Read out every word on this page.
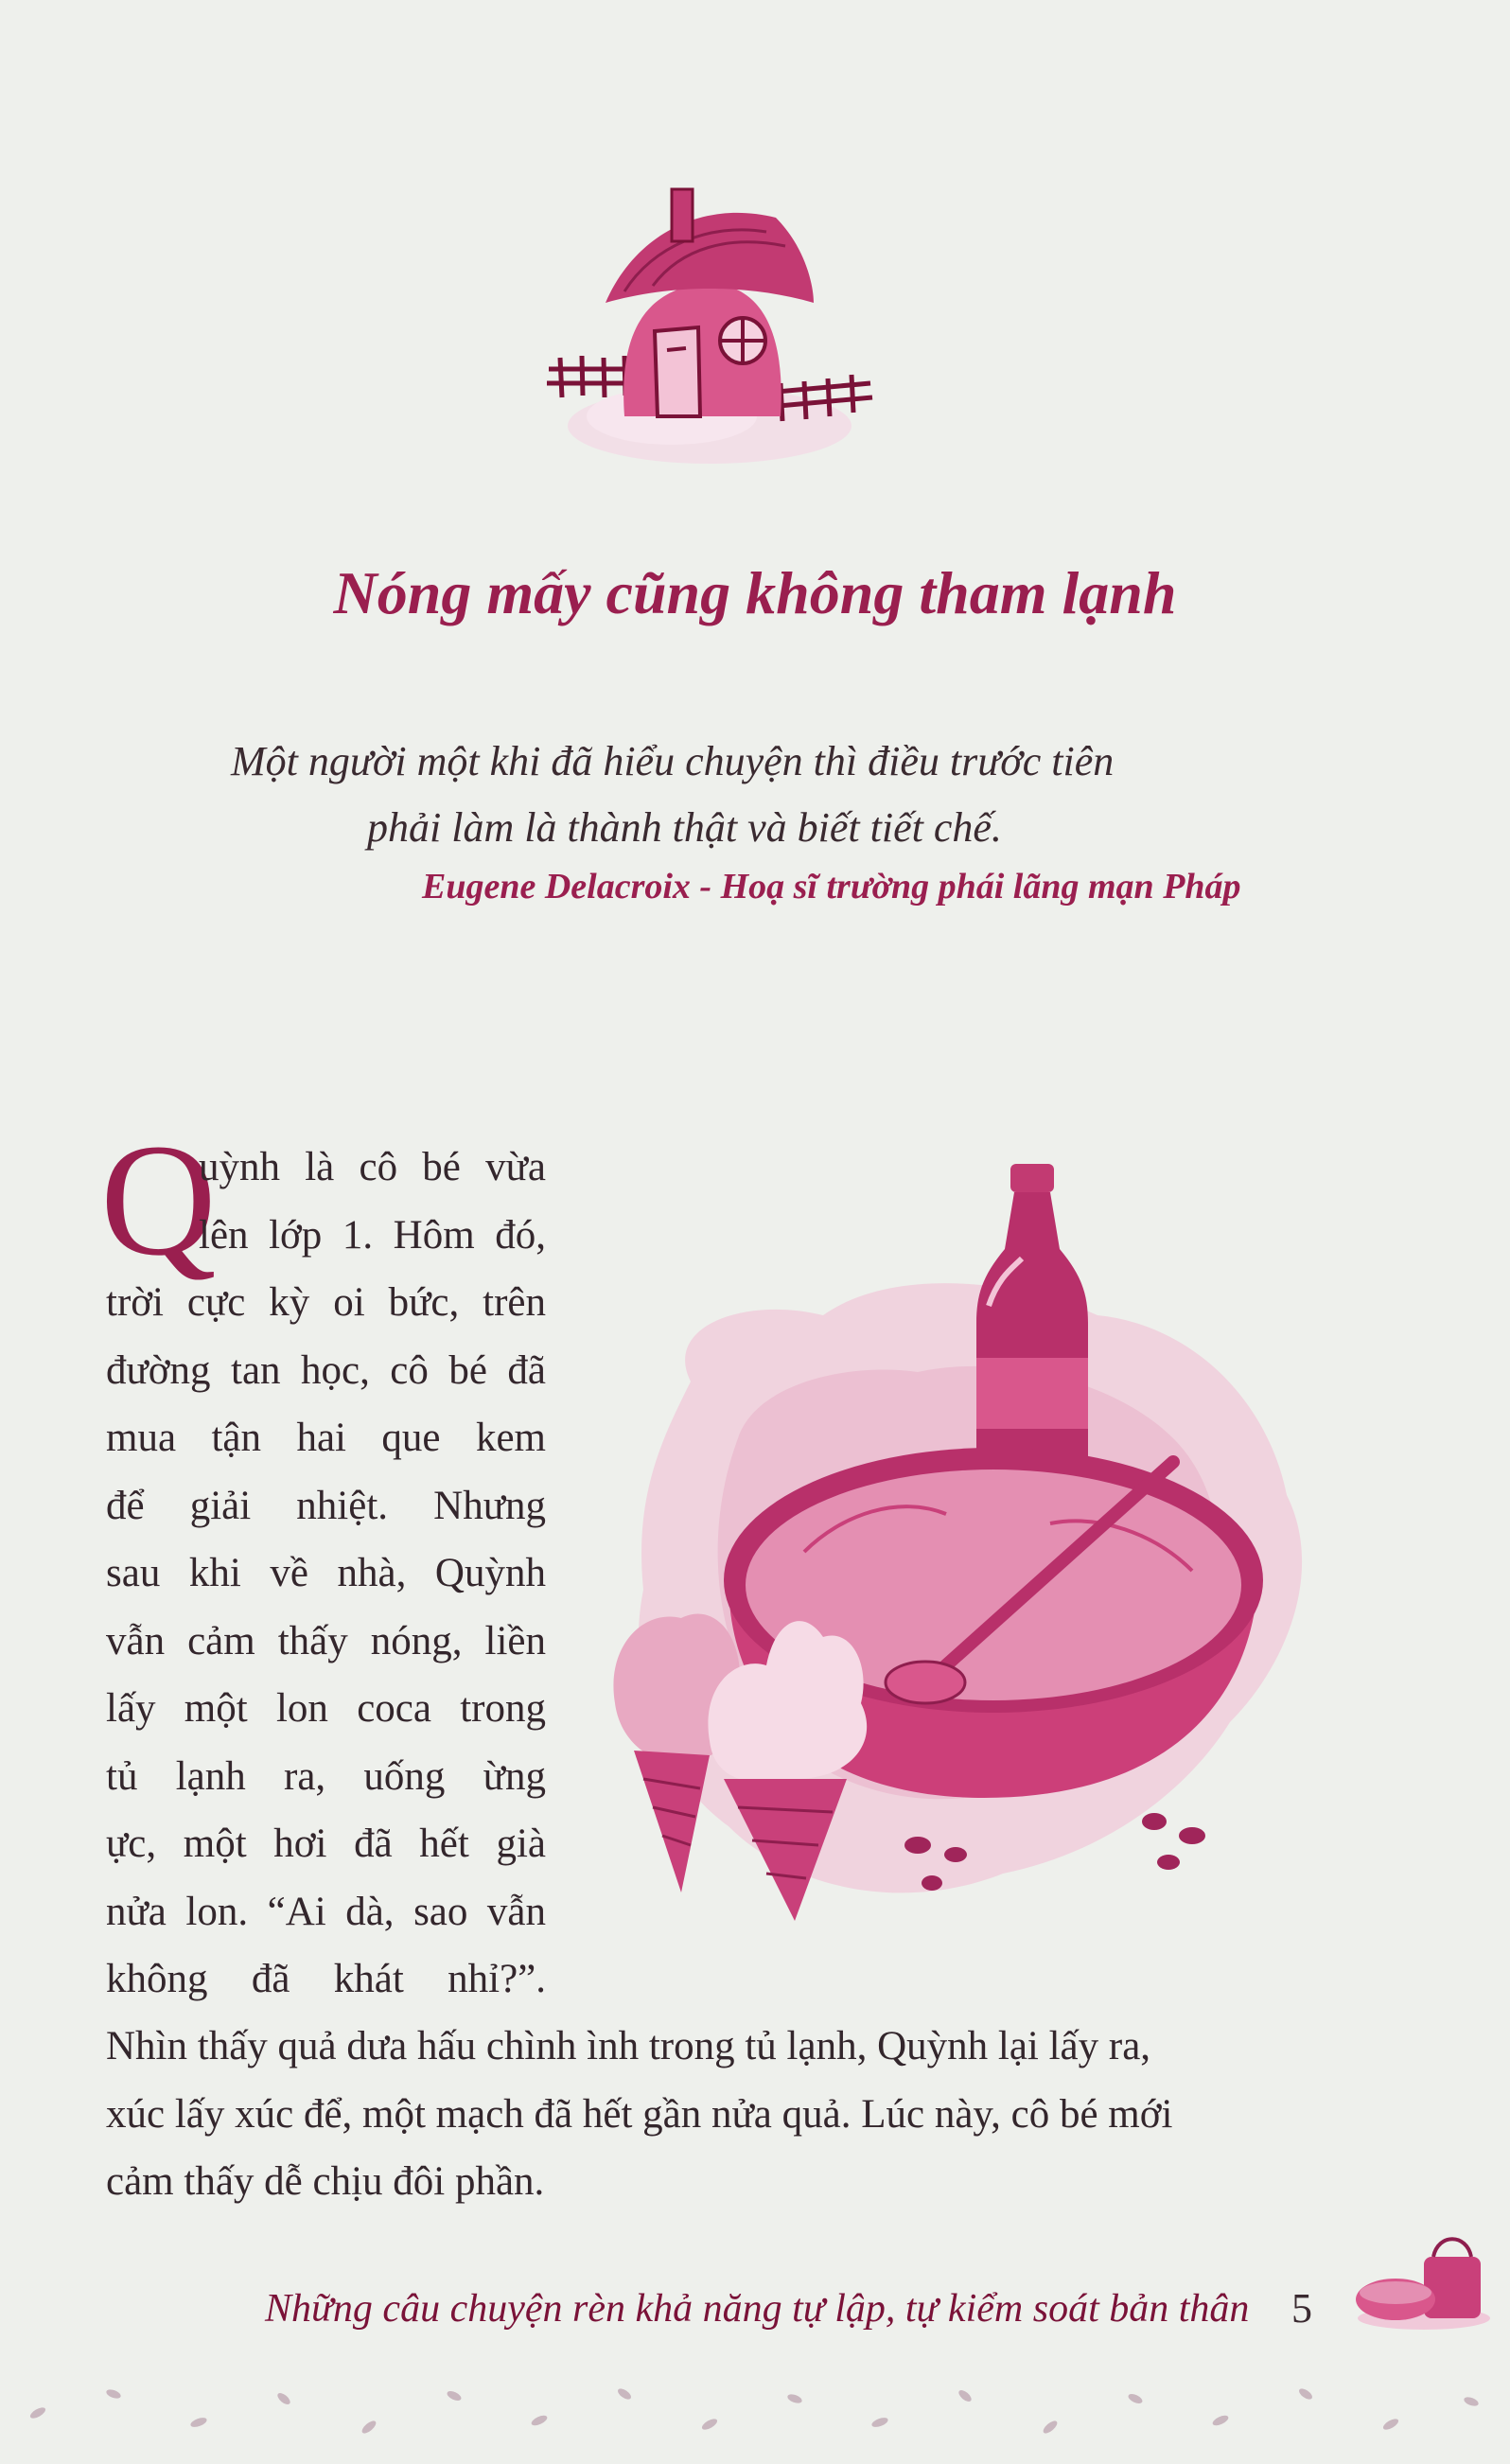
Nóng mấy cũng không tham lạnh
Một người một khi đã hiểu chuyện thì điều trước tiên
phải làm là thành thật và biết tiết chế.
Eugene Delacroix - Hoạ sĩ trường phái lãng mạn Pháp
Q
uỳnh là cô bé vừa
lên lớp 1. Hôm đó,
trời cực kỳ oi bức, trên
đường tan học, cô bé đã
mua tận hai que kem
để giải nhiệt. Nhưng
sau khi về nhà, Quỳnh
vẫn cảm thấy nóng, liền
lấy một lon coca trong
tủ lạnh ra, uống ừng
ực, một hơi đã hết già
nửa lon. “Ai dà, sao vẫn
không đã khát nhỉ?”.
Nhìn thấy quả dưa hấu chình ình trong tủ lạnh, Quỳnh lại lấy ra,
xúc lấy xúc để, một mạch đã hết gần nửa quả. Lúc này, cô bé mới
cảm thấy dễ chịu đôi phần.
Những câu chuyện rèn khả năng tự lập, tự kiểm soát bản thân 5
